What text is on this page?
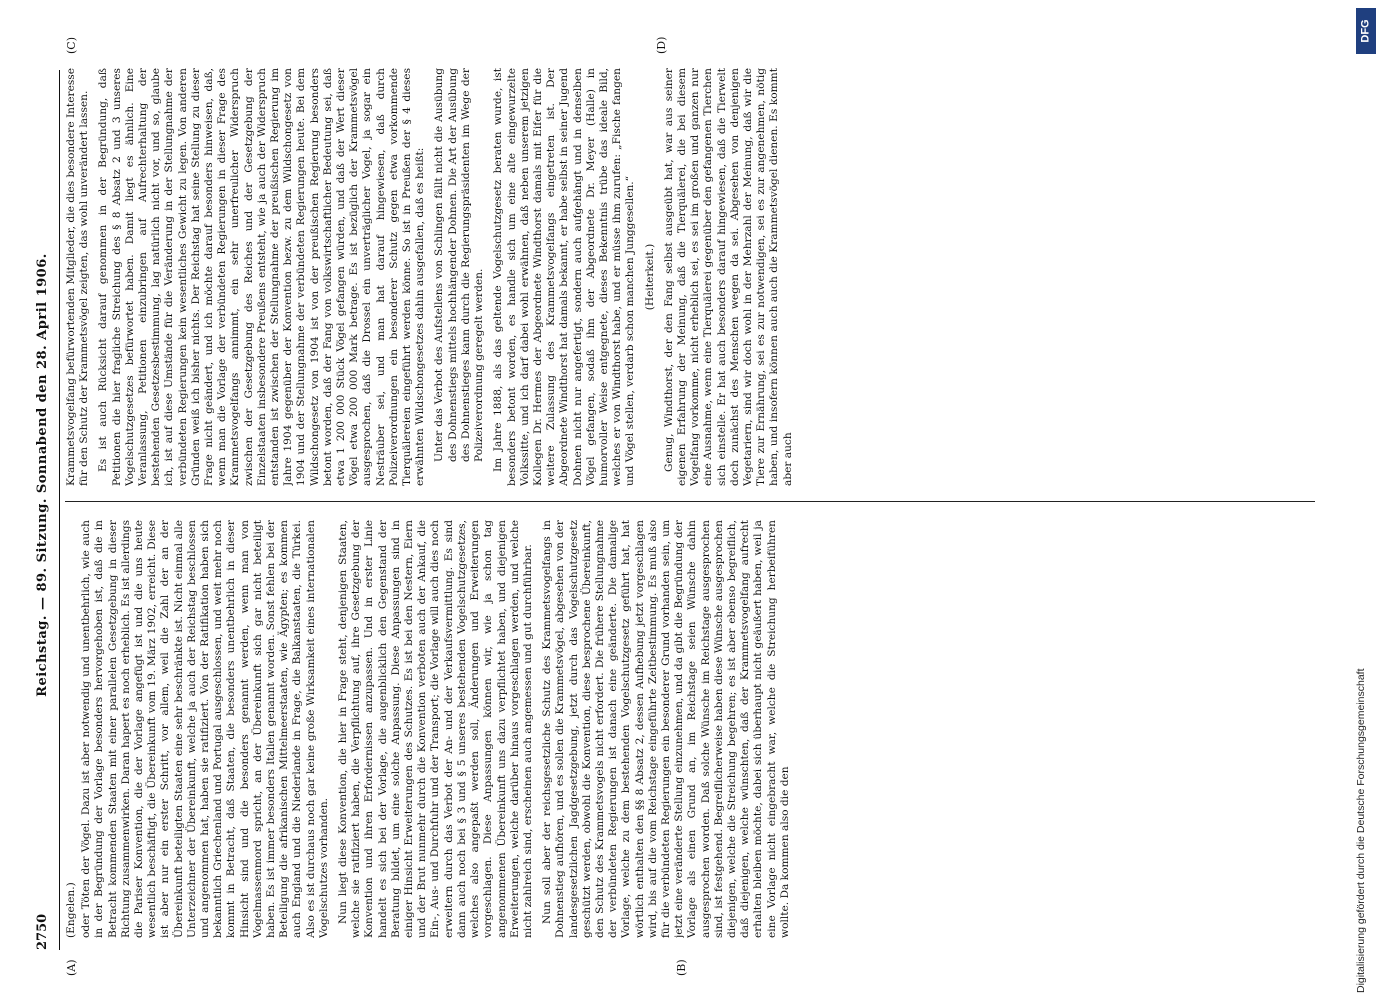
2750
Reichstag. — 89. Sitzung. Sonnabend den 28. April 1906.
(A)	(B)
(C)	(D)

(Engelen.) oder Töten der Vögel. Dazu ist aber notwendig und unentbehrlich, wie auch in der Begründung der Vorlage besonders hervorgehoben ist, daß die in Betracht kommenden Staaten mit einer parallelen Gesetzgebung in dieser Richtung zusammenwirken. Daran hapert es noch erheblich. Es ist allerdings die Pariser Konvention, die der Vorlage angefügt ist und die uns heute wesentlich beschäftigt, die Übereinkunft vom 19. März 1902, erreicht. Diese ist aber nur ein erster Schritt, vor allem, weil die Zahl der an der Übereinkunft beteiligten Staaten eine sehr beschränkte ist. Nicht einmal alle Unterzeichner der Übereinkunft, welche ja auch der Reichstag beschlossen und angenommen hat, haben sie ratifiziert. Von der Ratifikation haben sich bekanntlich Griechenland und Portugal ausgeschlossen, und weit mehr noch kommt in Betracht, daß Staaten, die besonders unentbehrlich in dieser Hinsicht sind und die besonders genannt werden, wenn man von Vogelmassenmord spricht, an der Übereinkunft sich gar nicht beteiligt haben. Es ist immer besonders Italien genannt worden. Sonst fehlen bei der Beteiligung die afrikanischen Mittelmeerstaaten, wie Ägypten; es kommen auch England und die Niederlande in Frage, die Balkanstaaten, die Türkei. Also es ist durchaus noch gar keine große Wirksamkeit eines internationalen Vogelschutzes vorhanden. Nun liegt diese Konvention, die hier in Frage steht, denjenigen Staaten, welche sie ratifiziert haben, die Verpflichtung auf, ihre Gesetzgebung der Konvention und ihren Erfordernissen anzupassen. Und in erster Linie handelt es sich bei der Vorlage, die augenblicklich den Gegenstand der Beratung bildet, um eine solche Anpassung. Diese Anpassungen sind in einiger Hinsicht Erweiterungen des Schutzes. Es ist bei den Nestern, Eiern und der Brut nunmehr durch die Konvention verboten auch der Ankauf, die Ein-, Aus- und Durchfuhr und der Transport; die Vorlage will auch dies noch erweitern durch das Verbot der An- und der Verkaufsvermittlung. Es sind dann auch noch bei § 3 und § 5 unseres bestehenden Vogelschutzgesetzes, welches also angepaßt werden soll, Änderungen und Erweiterungen vorgeschlagen. Diese Anpassungen können wir, wie ja schon tag angenommenen Übereinkunft uns dazu verpflichtet haben, und diejenigen Erweiterungen, welche darüber hinaus vorgeschlagen werden, und welche nicht zahlreich sind, erscheinen auch angemessen und gut durchführbar. Nun soll aber der reichsgesetzliche Schutz des Krammetsvogelfangs in Dohnenstieg aufhören, und es sollen die Krammetsvögel, abgesehen von der landesgesetzlichen Jagdgesetzgebung, jetzt durch das Vogelschutzgesetz geschützt werden, obwohl die Konvention, diese besprochene Übereinkunft, den Schutz des Krammetsvogels nicht erfordert. Die frühere Stellungnahme der verbündeten Regierungen ist danach eine geänderte. Die damalige Vorlage, welche zu dem bestehenden Vogelschutzgesetz geführt hat, hat wörtlich enthalten den §§ 8 Absatz 2, dessen Aufhebung jetzt vorgeschlagen wird, bis auf die vom Reichstage eingeführte Zeitbestimmung. Es muß also für die verbündeten Regierungen ein besonderer Grund vorhanden sein, um jetzt eine veränderte Stellung einzunehmen, und da gibt die Begründung der Vorlage als einen Grund an, im Reichstage seien Wünsche dahin ausgesprochen worden. Daß solche Wünsche im Reichstage ausgesprochen sind, ist festgehend. Begreiflicherweise haben diese Wünsche ausgesprochen diejenigen, welche die Streichung begehren; es ist aber ebenso begreiflich, daß diejenigen, welche wünschten, daß der Krammetsvogelfang aufrecht erhalten bleiben möchte, dabei sich überhaupt nicht geäußert haben, weil ja eine Vorlage nicht eingebracht war, welche die Streichung herbeiführen wollte. Da kommen also die den

Krammetsvogelfang befürwortenden Mitglieder, die dies besondere Interesse für den Schutz der Krammetsvögel zeigten, das wohl unverändert lassen. Es ist auch Rücksicht darauf genommen in der Begründung, daß Petitionen die hier fragliche Streichung des § 8 Absatz 2 und 3 unseres Vogelschutzgesetzes befürwortet haben. Damit liegt es ähnlich. Eine Veranlassung, Petitionen einzubringen auf Aufrechterhaltung der bestehenden Gesetzesbestimmung, lag natürlich nicht vor, und so, glaube ich, ist auf diese Umstände für die Veränderung in der Stellungnahme der verbündeten Regierungen kein wesentliches Gewicht zu legen. Von anderen Gründen weiß ich bisher nichts. Der Reichstag hat seine Stellung zu dieser Frage nicht geändert, und ich möchte darauf besonders hinweisen, daß, wenn man die Vorlage der verbündeten Regierungen in dieser Frage des Krammetsvogelfangs annimmt, ein sehr unerfreulicher Widerspruch zwischen der Gesetzgebung des Reiches und der Gesetzgebung der Einzelstaaten insbesondere Preußens entsteht, wie ja auch der Widerspruch entstanden ist zwischen der Stellungnahme der preußischen Regierung im Jahre 1904 gegenüber der Konvention bezw. zu dem Wildschongesetz von 1904 und der Stellungnahme der verbündeten Regierungen heute. Bei dem Wildschongesetz von 1904 ist von der preußischen Regierung besonders betont worden, daß der Fang von volkswirtschaftlicher Bedeutung sei, daß etwa 1 200 000 Stück Vögel gefangen würden, und daß der Wert dieser Vögel etwa 200 000 Mark betrage. Es ist bezüglich der Krammetsvögel ausgesprochen, daß die Drossel ein unverträglicher Vogel, ja sogar ein Nesträuber sei, und man hat darauf hingewiesen, daß durch Polizeiverordnungen ein besonderer Schutz gegen etwa vorkommende Tierquälereien eingeführt werden könne. So ist in Preußen der § 4 dieses erwähnten Wildschongesetzes dahin ausgefallen, daß es heißt: Unter das Verbot des Aufstellens von Schlingen fällt nicht die Ausübung des Dohnenstiegs mittels hochhängender Dohnen. Die Art der Ausübung des Dohnenstieges kann durch die Regierungspräsidenten im Wege der Polizeiverordnung geregelt werden. Im Jahre 1888, als das geltende Vogelschutzgesetz beraten wurde, ist besonders betont worden, es handle sich um eine alte eingewurzelte Volkssitte, und ich darf dabei wohl erwähnen, daß neben unserem jetzigen Kollegen Dr. Hermes der Abgeordnete Windthorst damals mit Eifer für die weitere Zulassung des Krammetsvogelfangs eingetreten ist. Der Abgeordnete Windthorst hat damals bekannt, er habe selbst in seiner Jugend Dohnen nicht nur angefertigt, sondern auch aufgehängt und in denselben Vögel gefangen, sodaß ihm der Abgeordnete Dr. Meyer (Halle) in humorvoller Weise entgegnete, dieses Bekenntnis trübe das ideale Bild, welches er von Windthorst habe, und er müsse ihm zurufen: „Fische fangen und Vögel stellen, verdarb schon manchen Junggesellen.“ (Heiterkeit.) Genug, Windthorst, der den Fang selbst ausgeübt hat, war aus seiner eigenen Erfahrung der Meinung, daß die Tierquälerei, die bei diesem Vogelfang vorkomme, nicht erheblich sei, es sei im großen und ganzen nur eine Ausnahme, wenn eine Tierquälerei gegenüber den gefangenen Tierchen sich einstelle. Er hat auch besonders darauf hingewiesen, daß die Tierwelt doch zunächst des Menschen wegen da sei. Abgesehen von denjenigen Vegetariern, sind wir doch wohl in der Mehrzahl der Meinung, daß wir die Tiere zur Ernährung, sei es zur notwendigen, sei es zur angenehmen, nötig haben, und insofern können auch auch die Krammetsvögel dienen. Es kommt aber auch

Digitalisierung gefördert durch die Deutsche Forschungsgemeinschaft
DFG
